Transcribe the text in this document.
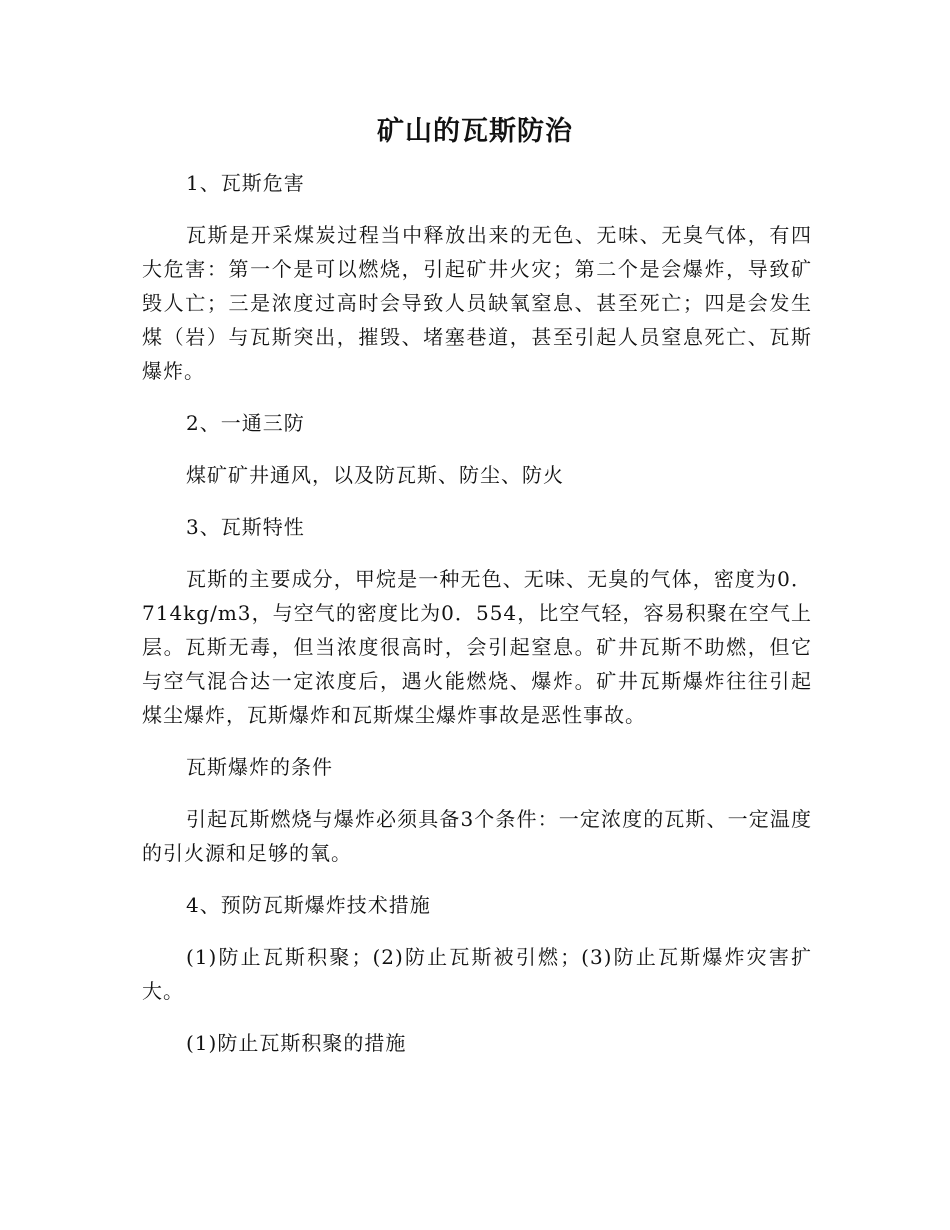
矿山的瓦斯防治

1、瓦斯危害

瓦斯是开采煤炭过程当中释放出来的无色、无味、无臭气体，有四大危害：第一个是可以燃烧，引起矿井火灾；第二个是会爆炸，导致矿毁人亡；三是浓度过高时会导致人员缺氧窒息、甚至死亡；四是会发生煤（岩）与瓦斯突出，摧毁、堵塞巷道，甚至引起人员窒息死亡、瓦斯爆炸。

2、一通三防

煤矿矿井通风，以及防瓦斯、防尘、防火

3、瓦斯特性

瓦斯的主要成分，甲烷是一种无色、无味、无臭的气体，密度为0．714kg/m3，与空气的密度比为0．554，比空气轻，容易积聚在空气上层。瓦斯无毒，但当浓度很高时，会引起窒息。矿井瓦斯不助燃，但它与空气混合达一定浓度后，遇火能燃烧、爆炸。矿井瓦斯爆炸往往引起煤尘爆炸，瓦斯爆炸和瓦斯煤尘爆炸事故是恶性事故。

瓦斯爆炸的条件

引起瓦斯燃烧与爆炸必须具备3个条件：一定浓度的瓦斯、一定温度的引火源和足够的氧。

4、预防瓦斯爆炸技术措施

(1)防止瓦斯积聚；(2)防止瓦斯被引燃；(3)防止瓦斯爆炸灾害扩大。

(1)防止瓦斯积聚的措施
